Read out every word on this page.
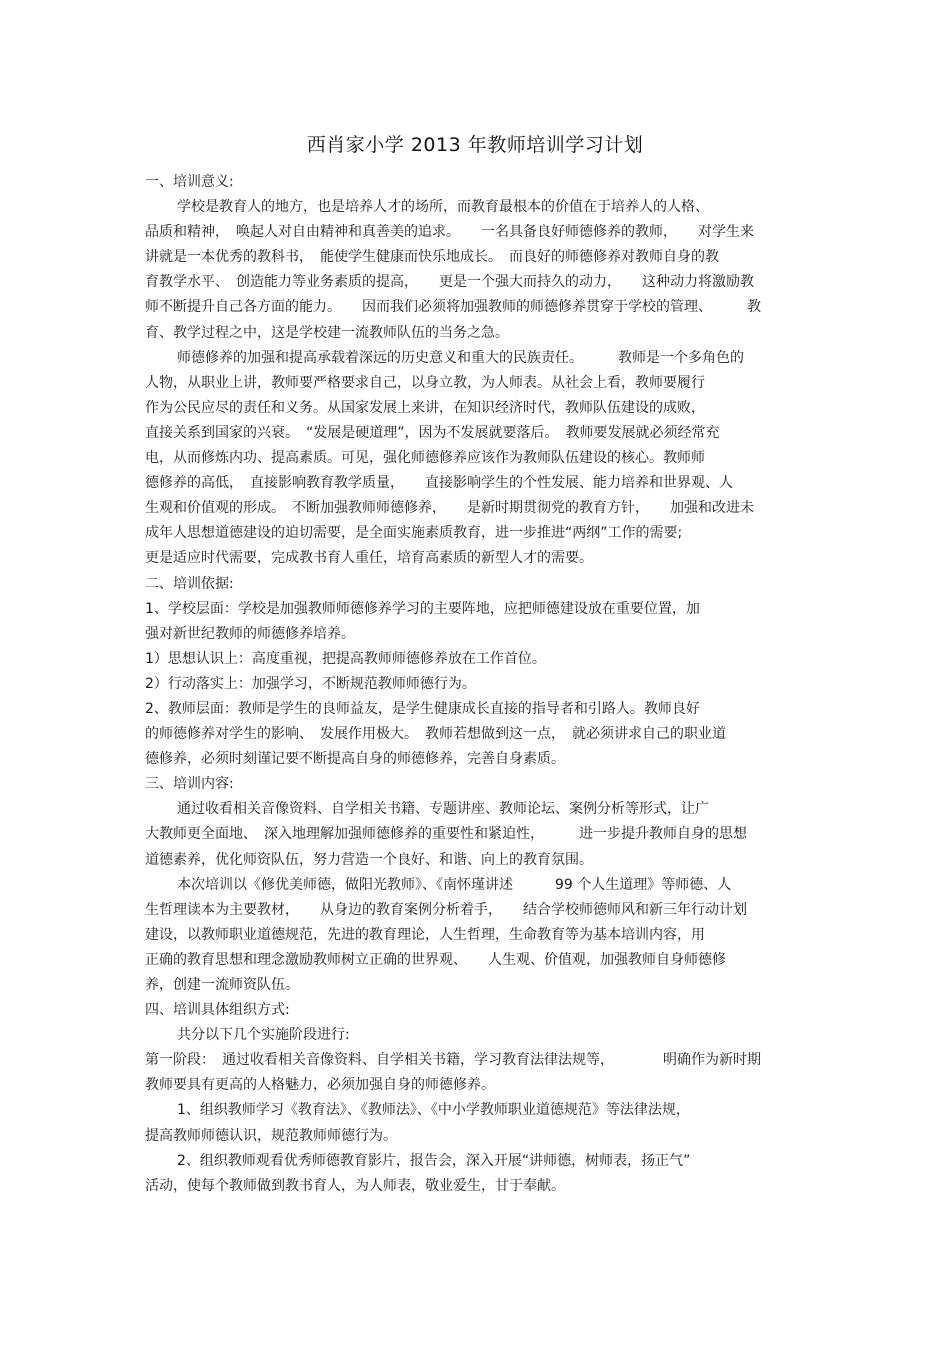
西肖家小学 2013 年教师培训学习计划
一、培训意义:
学校是教育人的地方，也是培养人才的场所，而教育最根本的价值在于培养人的人格、
品质和精神，　唤起人对自由精神和真善美的追求。　　一名具备良好师德修养的教师，　　对学生来
讲就是一本优秀的教科书，　能使学生健康而快乐地成长。　而良好的师德修养对教师自身的教
育教学水平、　创造能力等业务素质的提高，　　更是一个强大而持久的动力，　　这种动力将激励教
师不断提升自己各方面的能力。　　因而我们必须将加强教师的师德修养贯穿于学校的管理、　　　教
育、教学过程之中，这是学校建一流教师队伍的当务之急。
师德修养的加强和提高承载着深远的历史意义和重大的民族责任。　　　教师是一个多角色的
人物，从职业上讲，教师要严格要求自己，以身立教，为人师表。从社会上看，教师要履行
作为公民应尽的责任和义务。从国家发展上来讲，在知识经济时代，教师队伍建设的成败，
直接关系到国家的兴衰。　“发展是硬道理”，因为不发展就要落后。　教师要发展就必须经常充
电，从而修炼内功、提高素质。可见，强化师德修养应该作为教师队伍建设的核心。教师师
德修养的高低，　直接影响教育教学质量，　　直接影响学生的个性发展、能力培养和世界观、人
生观和价值观的形成。　不断加强教师师德修养，　　是新时期贯彻党的教育方针，　　加强和改进未
成年人思想道德建设的迫切需要，是全面实施素质教育，进一步推进“两纲”工作的需要;
更是适应时代需要，完成教书育人重任，培育高素质的新型人才的需要。
二、培训依据:
1、学校层面：学校是加强教师师德修养学习的主要阵地，应把师德建设放在重要位置，加
强对新世纪教师的师德修养培养。
1）思想认识上：高度重视，把提高教师师德修养放在工作首位。
2）行动落实上：加强学习，不断规范教师师德行为。
2、教师层面：教师是学生的良师益友，是学生健康成长直接的指导者和引路人。教师良好
的师德修养对学生的影响、　发展作用极大。　教师若想做到这一点，　就必须讲求自己的职业道
德修养，必须时刻谨记要不断提高自身的师德修养，完善自身素质。
三、培训内容:
通过收看相关音像资料、自学相关书籍、专题讲座、教师论坛、案例分析等形式，让广
大教师更全面地、　深入地理解加强师德修养的重要性和紧迫性，　　　进一步提升教师自身的思想
道德素养，优化师资队伍，努力营造一个良好、和谐、向上的教育氛围。
本次培训以《修优美师德，做阳光教师》、《南怀瑾讲述　　　99 个人生道理》等师德、人
生哲理读本为主要教材，　　从身边的教育案例分析着手，　　结合学校师德师风和新三年行动计划
建设，以教师职业道德规范，先进的教育理论，人生哲理，生命教育等为基本培训内容，用
正确的教育思想和理念激励教师树立正确的世界观、　　人生观、价值观，加强教师自身师德修
养，创建一流师资队伍。
四、培训具体组织方式:
共分以下几个实施阶段进行:
第一阶段：　通过收看相关音像资料、自学相关书籍，学习教育法律法规等，　　　　明确作为新时期
教师要具有更高的人格魅力，必须加强自身的师德修养。
1、组织教师学习《教育法》、《教师法》、《中小学教师职业道德规范》等法律法规，
提高教师师德认识，规范教师师德行为。
2、组织教师观看优秀师德教育影片，报告会，深入开展“讲师德，树师表，扬正气”
活动，使每个教师做到教书育人，为人师表，敬业爱生，甘于奉献。
